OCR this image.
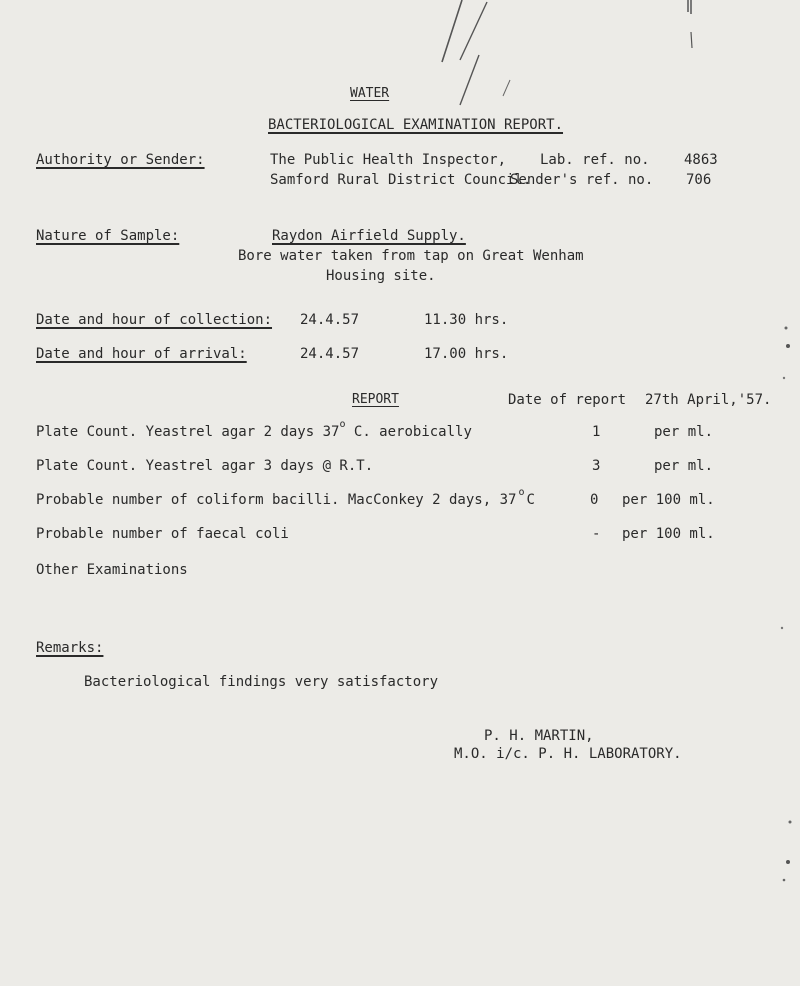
WATER
BACTERIOLOGICAL EXAMINATION REPORT.
Authority or Sender:	The Public Health Inspector,
Samford Rural District Council.
Lab. ref. no. 4863
Sender's ref. no. 706
Nature of Sample:	Raydon Airfield Supply.
Bore water taken from tap on Great Wenham
Housing site.
Date and hour of collection: 24.4.57	11.30 hrs.
Date and hour of arrival:	24.4.57	17.00 hrs.
REPORT	Date of report 27th April,'57.
Plate Count. Yeastrel agar 2 days 37$^o$ C. aerobically	1	per ml.
Plate Count. Yeastrel agar 3 days @ R.T.	3	per ml.
Probable number of coliform bacilli. MacConkey 2 days, 37 $^o$ C	0 per 100 ml.
Probable number of faecal coli	- per 100 ml.
Other Examinations
Remarks:
Bacteriological findings very satisfactory
P. H. MARTIN,
M.O. i/c. P. H. LABORATORY.
